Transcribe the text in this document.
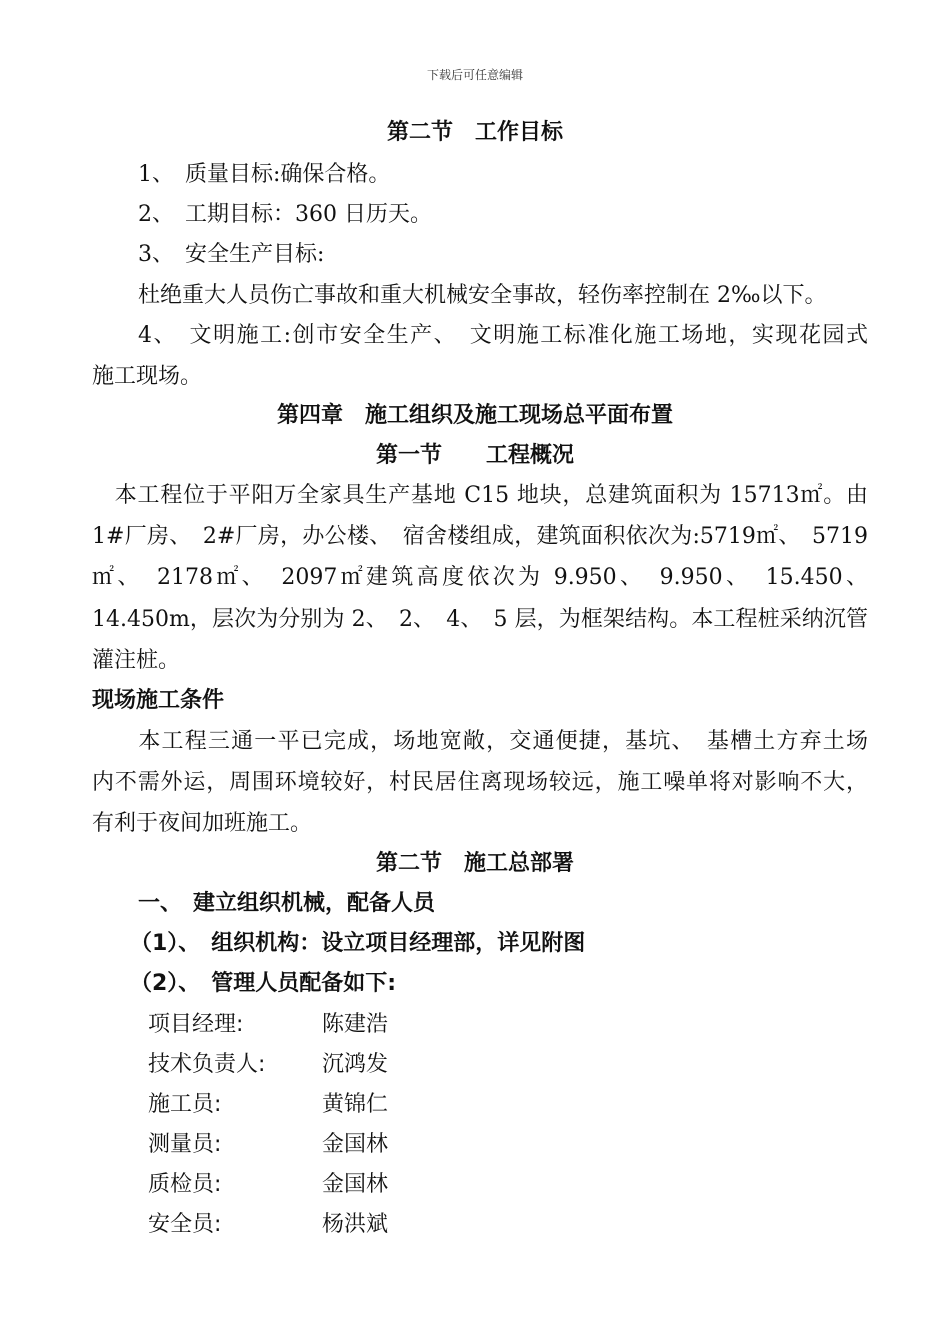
下载后可任意编辑
第二节　工作目标
1、　质量目标:确保合格。
2、　工期目标：360 日历天。
3、　安全生产目标:
杜绝重大人员伤亡事故和重大机械安全事故，轻伤率控制在 2‰以下。
4、　文明施工:创市安全生产、　文明施工标准化施工场地，实现花园式
施工现场。
第四章　施工组织及施工现场总平面布置
第一节　　工程概况
　本工程位于平阳万全家具生产基地 C15 地块，总建筑面积为 15713㎡。由
1#厂房、　2#厂房，办公楼、　宿舍楼组成，建筑面积依次为:5719㎡、　5719
㎡、　2178㎡、　2097㎡建筑高度依次为 9.950、　9.950、　15.450、
14.450m，层次为分别为 2、　2、　4、　5 层，为框架结构。本工程桩采纳沉管
灌注桩。
现场施工条件
　　本工程三通一平已完成，场地宽敞，交通便捷，基坑、　基槽土方弃土场
内不需外运，周围环境较好，村民居住离现场较远，施工噪单将对影响不大，
有利于夜间加班施工。
第二节　施工总部署
一、　建立组织机械，配备人员
（1）、　组织机构：设立项目经理部，详见附图
（2）、　管理人员配备如下:
项目经理:	陈建浩
技术负责人:	沉鸿发
施工员:	黄锦仁
测量员:	金国林
质检员:	金国林
安全员:	杨洪斌
